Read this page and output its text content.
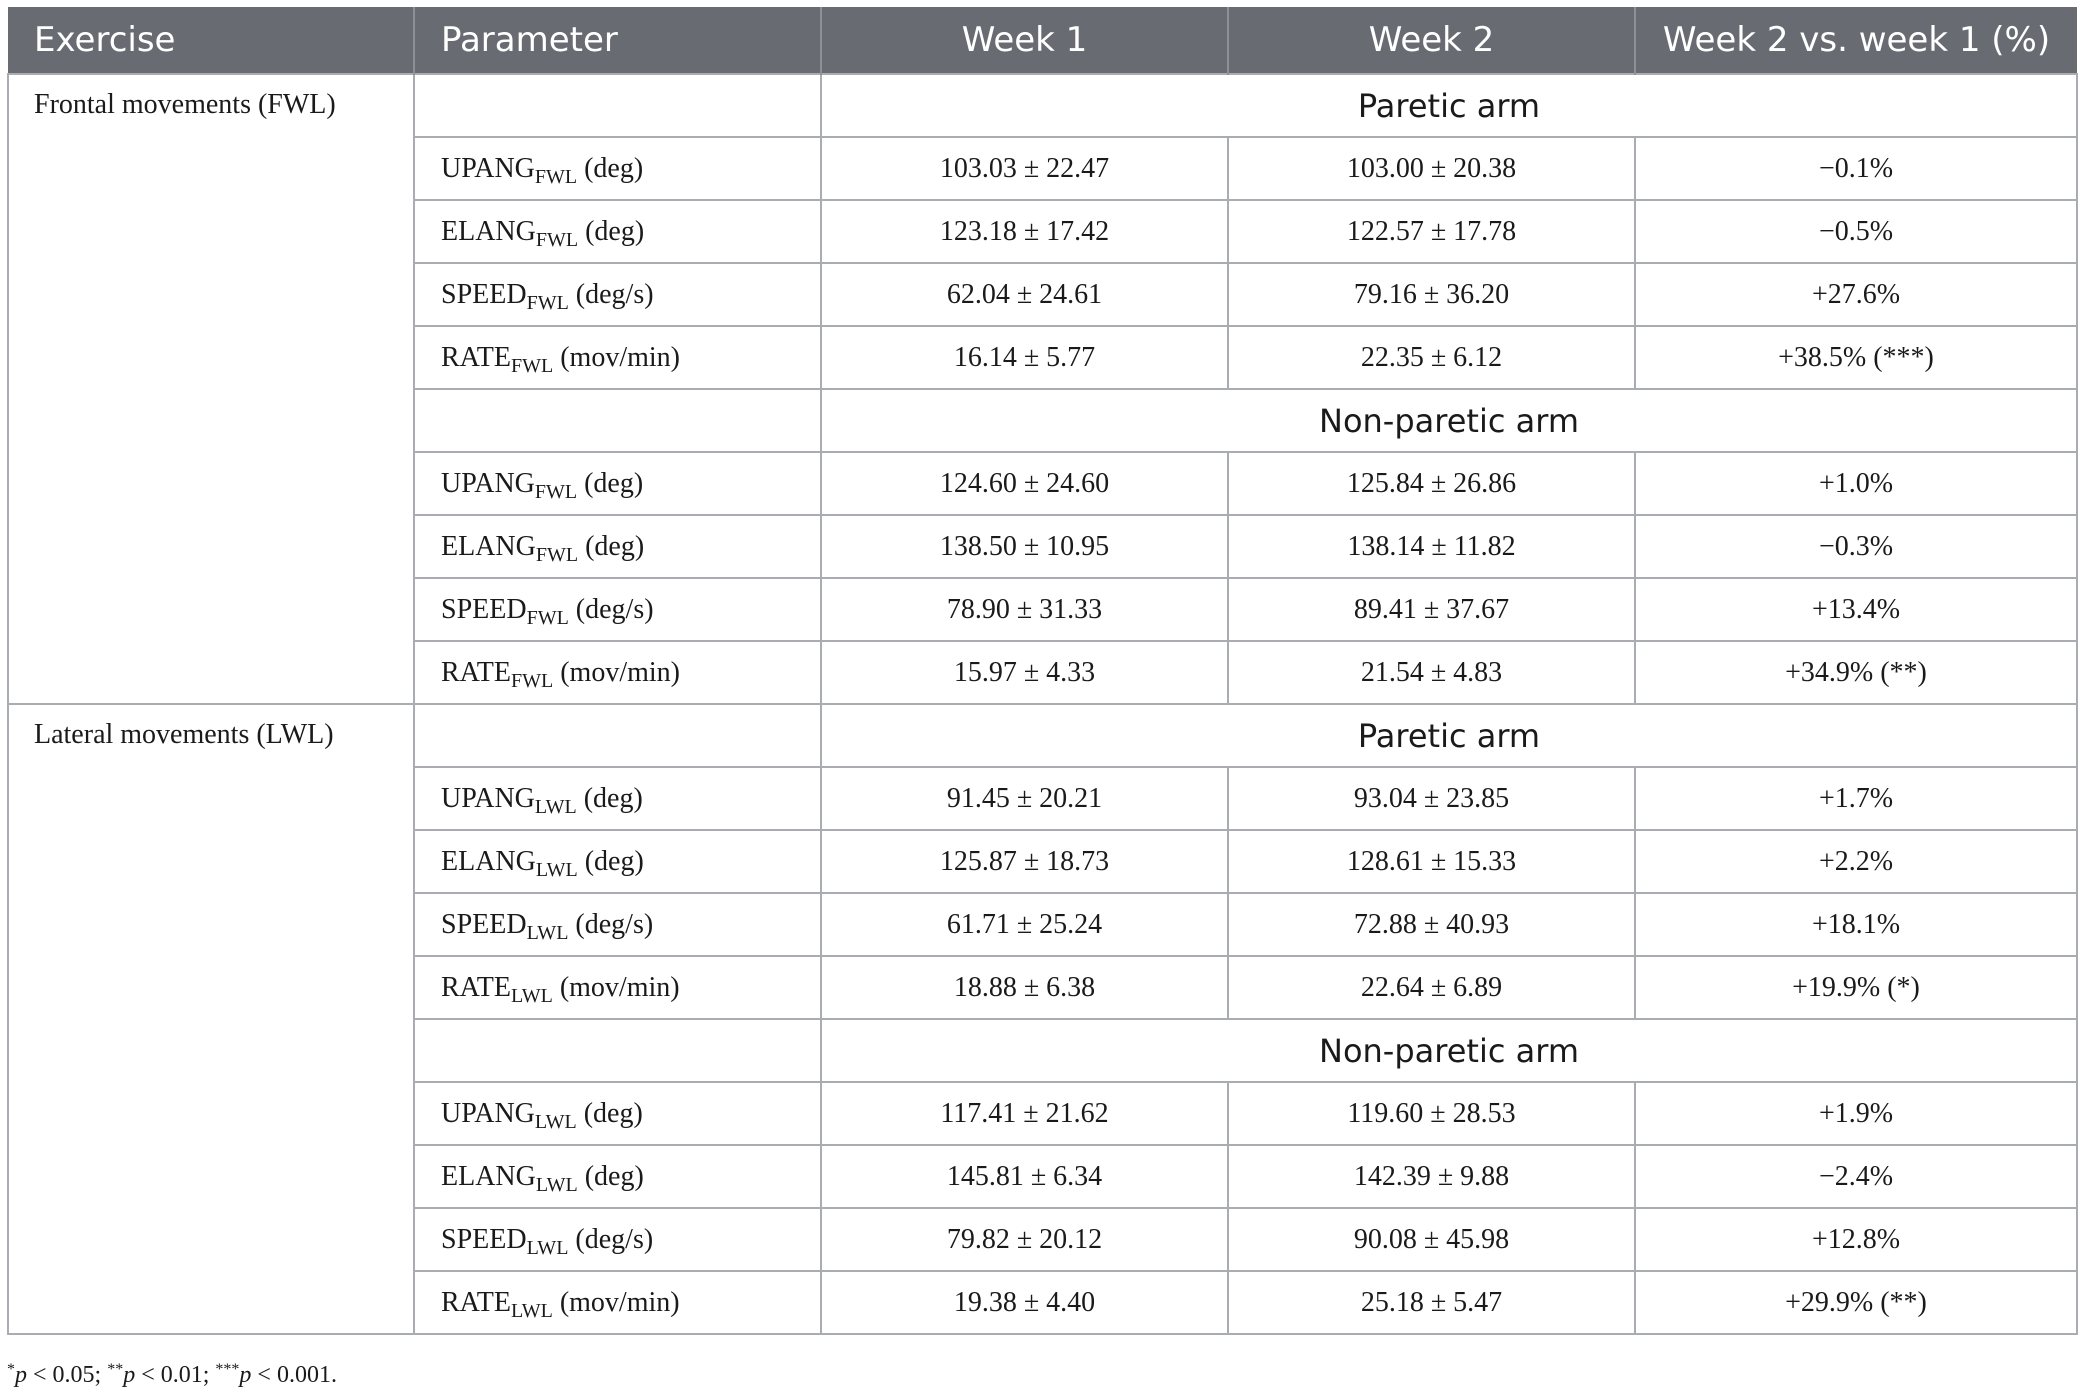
Exercise	Parameter	Week 1	Week 2	Week 2 vs. week 1 (%)
Frontal movements (FWL)		Paretic arm		
	$UPANG_{FWL}$ (deg)	103.03 ± 22.47	103.00 ± 20.38	−0.1%
	$ELANG_{FWL}$ (deg)	123.18 ± 17.42	122.57 ± 17.78	−0.5%
	$SPEED_{FWL}$ (deg/s)	62.04 ± 24.61	79.16 ± 36.20	+27.6%
	$RATE_{FWL}$ (mov/min)	16.14 ± 5.77	22.35 ± 6.12	+38.5% (***)
		Non-paretic arm		
	$UPANG_{FWL}$ (deg)	124.60 ± 24.60	125.84 ± 26.86	+1.0%
	$ELANG_{FWL}$ (deg)	138.50 ± 10.95	138.14 ± 11.82	−0.3%
	$SPEED_{FWL}$ (deg/s)	78.90 ± 31.33	89.41 ± 37.67	+13.4%
	$RATE_{FWL}$ (mov/min)	15.97 ± 4.33	21.54 ± 4.83	+34.9% (**)
Lateral movements (LWL)		Paretic arm		
	$UPANG_{LWL}$ (deg)	91.45 ± 20.21	93.04 ± 23.85	+1.7%
	$ELANG_{LWL}$ (deg)	125.87 ± 18.73	128.61 ± 15.33	+2.2%
	$SPEED_{LWL}$ (deg/s)	61.71 ± 25.24	72.88 ± 40.93	+18.1%
	$RATE_{LWL}$ (mov/min)	18.88 ± 6.38	22.64 ± 6.89	+19.9% (*)
		Non-paretic arm		
	$UPANG_{LWL}$ (deg)	117.41 ± 21.62	119.60 ± 28.53	+1.9%
	$ELANG_{LWL}$ (deg)	145.81 ± 6.34	142.39 ± 9.88	−2.4%
	$SPEED_{LWL}$ (deg/s)	79.82 ± 20.12	90.08 ± 45.98	+12.8%
	$RATE_{LWL}$ (mov/min)	19.38 ± 4.40	25.18 ± 5.47	+29.9% (**)
*p < 0.05; **p < 0.01; ***p < 0.001.
